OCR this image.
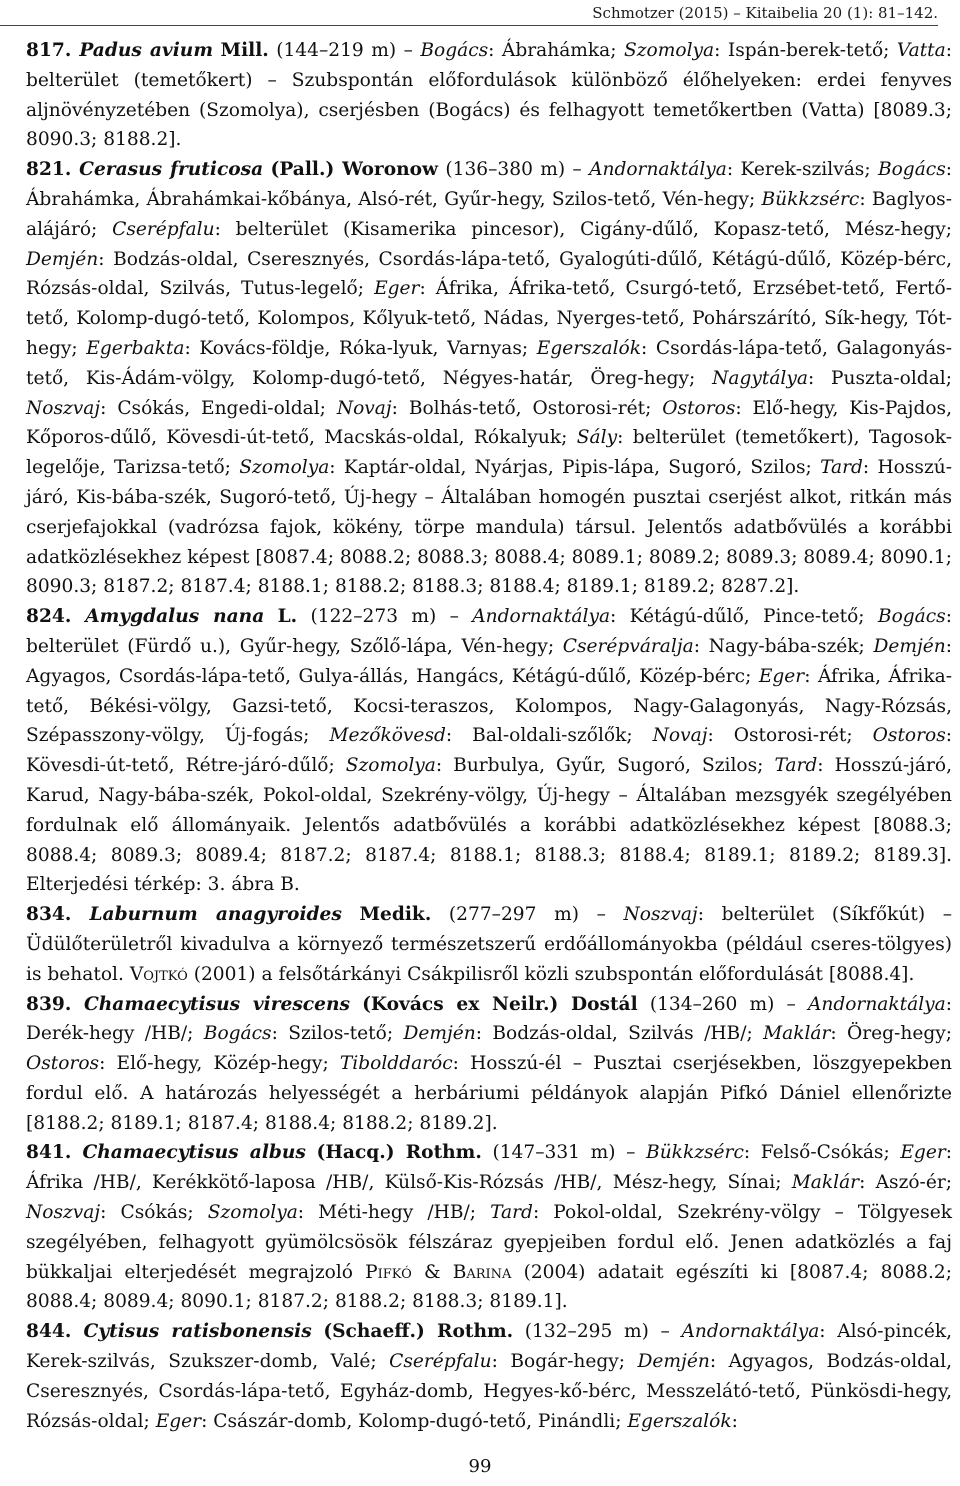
Schmotzer (2015) – Kitaibelia 20 (1): 81–142.

817. Padus avium Mill. (144–219 m) – Bogács: Ábrahámka; Szomolya: Ispán-berek-tető; Vatta: belterület (temetőkert) – Szubspontán előfordulások különböző élőhelyeken: erdei fenyves aljnövényzetében (Szomolya), cserjésben (Bogács) és felhagyott temetőkertben (Vatta) [8089.3; 8090.3; 8188.2].

821. Cerasus fruticosa (Pall.) Woronow (136–380 m) – Andornaktálya: Kerek-szilvás; Bogács: Ábrahámka, Ábrahámkai-kőbánya, Alsó-rét, Gyűr-hegy, Szilos-tető, Vén-hegy; Bükkzsérc: Baglyos-alájáró; Cserépfalu: belterület (Kisamerika pincesor), Cigány-dűlő, Kopasz-tető, Mész-hegy; Demjén: Bodzás-oldal, Cseresznyés, Csordás-lápa-tető, Gyalogúti-dűlő, Kétágú-dűlő, Közép-bérc, Rózsás-oldal, Szilvás, Tutus-legelő; Eger: Áfrika, Áfrika-tető, Csurgó-tető, Erzsébet-tető, Fertő-tető, Kolomp-dugó-tető, Kolompos, Kőlyuk-tető, Nádas, Nyerges-tető, Pohárszárító, Sík-hegy, Tót-hegy; Egerbakta: Kovács-földje, Róka-lyuk, Varnyas; Egerszalók: Csordás-lápa-tető, Galagonyás-tető, Kis-Ádám-völgy, Kolomp-dugó-tető, Négyes-határ, Öreg-hegy; Nagytálya: Puszta-oldal; Noszvaj: Csókás, Engedi-oldal; Novaj: Bolhás-tető, Ostorosi-rét; Ostoros: Elő-hegy, Kis-Pajdos, Kőporos-dűlő, Kövesdi-út-tető, Macskás-oldal, Rókalyuk; Sály: belterület (temetőkert), Tagosok-legelője, Tarizsa-tető; Szomolya: Kaptár-oldal, Nyárjas, Pipis-lápa, Sugoró, Szilos; Tard: Hosszú-járó, Kis-bába-szék, Sugoró-tető, Új-hegy – Általában homogén pusztai cserjést alkot, ritkán más cserjefajokkal (vadrózsa fajok, kökény, törpe mandula) társul. Jelentős adatbővülés a korábbi adatközlésekhez képest [8087.4; 8088.2; 8088.3; 8088.4; 8089.1; 8089.2; 8089.3; 8089.4; 8090.1; 8090.3; 8187.2; 8187.4; 8188.1; 8188.2; 8188.3; 8188.4; 8189.1; 8189.2; 8287.2].

824. Amygdalus nana L. (122–273 m) – Andornaktálya: Kétágú-dűlő, Pince-tető; Bogács: belterület (Fürdő u.), Gyűr-hegy, Szőlő-lápa, Vén-hegy; Cserépváralja: Nagy-bába-szék; Demjén: Agyagos, Csordás-lápa-tető, Gulya-állás, Hangács, Kétágú-dűlő, Közép-bérc; Eger: Áfrika, Áfrika-tető, Békési-völgy, Gazsi-tető, Kocsi-teraszos, Kolompos, Nagy-Galagonyás, Nagy-Rózsás, Szépasszony-völgy, Új-fogás; Mezőkövesd: Bal-oldali-szőlők; Novaj: Ostorosi-rét; Ostoros: Kövesdi-út-tető, Rétre-járó-dűlő; Szomolya: Burbulya, Gyűr, Sugoró, Szilos; Tard: Hosszú-járó, Karud, Nagy-bába-szék, Pokol-oldal, Szekrény-völgy, Új-hegy – Általában mezsgyék szegélyében fordulnak elő állományaik. Jelentős adatbővülés a korábbi adatközlésekhez képest [8088.3; 8088.4; 8089.3; 8089.4; 8187.2; 8187.4; 8188.1; 8188.3; 8188.4; 8189.1; 8189.2; 8189.3]. Elterjedési térkép: 3. ábra B.

834. Laburnum anagyroides Medik. (277–297 m) – Noszvaj: belterület (Síkfőkút) – Üdülőterületről kivadulva a környező természetszerű erdőállományokba (például cseres-tölgyes) is behatol. Vojtkó (2001) a felsőtárkányi Csákpilisről közli szubspontán előfordulását [8088.4].

839. Chamaecytisus virescens (Kovács ex Neilr.) Dostál (134–260 m) – Andornaktálya: Derék-hegy /HB/; Bogács: Szilos-tető; Demjén: Bodzás-oldal, Szilvás /HB/; Maklár: Öreg-hegy; Ostoros: Elő-hegy, Közép-hegy; Tibolddaróc: Hosszú-él – Pusztai cserjésekben, löszgyepekben fordul elő. A határozás helyességét a herbáriumi példányok alapján Pifkó Dániel ellenőrizte [8188.2; 8189.1; 8187.4; 8188.4; 8188.2; 8189.2].

841. Chamaecytisus albus (Hacq.) Rothm. (147–331 m) – Bükkzsérc: Felső-Csókás; Eger: Áfrika /HB/, Kerékkötő-laposa /HB/, Külső-Kis-Rózsás /HB/, Mész-hegy, Sínai; Maklár: Aszó-ér; Noszvaj: Csókás; Szomolya: Méti-hegy /HB/; Tard: Pokol-oldal, Szekrény-völgy – Tölgyesek szegélyében, felhagyott gyümölcsösök félszáraz gyepjeiben fordul elő. Jenen adatközlés a faj bükkaljai elterjedését megrajzoló Pifkó & Barina (2004) adatait egészíti ki [8087.4; 8088.2; 8088.4; 8089.4; 8090.1; 8187.2; 8188.2; 8188.3; 8189.1].

844. Cytisus ratisbonensis (Schaeff.) Rothm. (132–295 m) – Andornaktálya: Alsó-pincék, Kerek-szilvás, Szukszer-domb, Valé; Cserépfalu: Bogár-hegy; Demjén: Agyagos, Bodzás-oldal, Cseresznyés, Csordás-lápa-tető, Egyház-domb, Hegyes-kő-bérc, Messzelátó-tető, Pünkösdi-hegy, Rózsás-oldal; Eger: Császár-domb, Kolomp-dugó-tető, Pinándli; Egerszalók:

99
